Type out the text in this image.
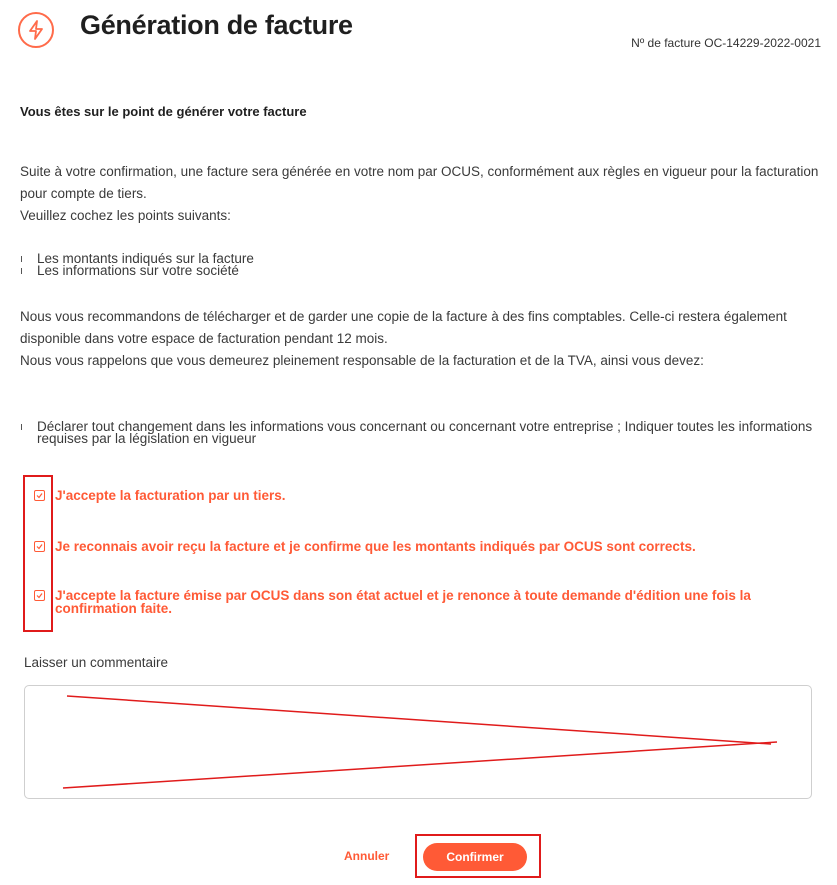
Génération de facture
Nº de facture OC-14229-2022-0021
Vous êtes sur le point de générer votre facture
Suite à votre confirmation, une facture sera générée en votre nom par OCUS, conformément aux règles en vigueur pour la facturation pour compte de tiers.
Veuillez cochez les points suivants:
Les montants indiqués sur la facture
Les informations sur votre société
Nous vous recommandons de télécharger et de garder une copie de la facture à des fins comptables. Celle-ci restera également disponible dans votre espace de facturation pendant 12 mois.
Nous vous rappelons que vous demeurez pleinement responsable de la facturation et de la TVA, ainsi vous devez:
Déclarer tout changement dans les informations vous concernant ou concernant votre entreprise ; Indiquer toutes les informations requises par la législation en vigueur
J'accepte la facturation par un tiers.
Je reconnais avoir reçu la facture et je confirme que les montants indiqués par OCUS sont corrects.
J'accepte la facture émise par OCUS dans son état actuel et je renonce à toute demande d'édition une fois la confirmation faite.
Laisser un commentaire
Annuler	Confirmer
